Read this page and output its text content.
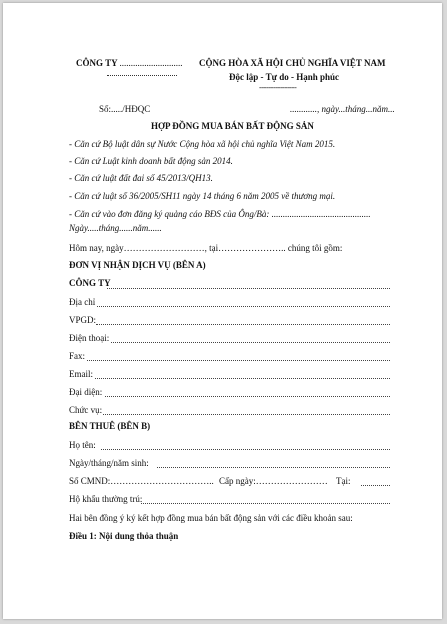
CÔNG TY ............................ CỘNG HÒA XÃ HỘI CHỦ NGHĨA VIỆT NAM
Độc lập - Tự do - Hạnh phúc
----------------
Số:...../HĐQC	............, ngày...tháng...năm...
HỢP ĐỒNG MUA BÁN BẤT ĐỘNG SẢN
- Căn cứ Bộ luật dân sự Nước Cộng hòa xã hội chủ nghĩa Việt Nam 2015.
- Căn cứ Luật kinh doanh bất động sản 2014.
- Căn cứ luật đất đai số 45/2013/QH13.
- Căn cứ luật số 36/2005/SH11 ngày 14 tháng 6 năm 2005 về thương mại.
- Căn cứ vào đơn đăng ký quảng cáo BĐS của Ông/Bà: ............................................
Ngày.....tháng......năm......
Hôm nay, ngày………………………, tại………………….. chúng tôi gồm:
ĐƠN VỊ NHẬN DỊCH VỤ (BÊN A)
CÔNG TY
Địa chỉ
VPGD:
Điện thoại:
Fax:
Email:
Đại diện:
Chức vụ:
BÊN THUÊ (BÊN B)
Họ tên:
Ngày/tháng/năm sinh:
Số CMND:…………………………….. Cấp ngày:…………………… Tại:
Hộ khẩu thường trú:
Hai bên đồng ý ký kết hợp đồng mua bán bất động sản với các điều khoản sau:
Điều 1: Nội dung thỏa thuận
